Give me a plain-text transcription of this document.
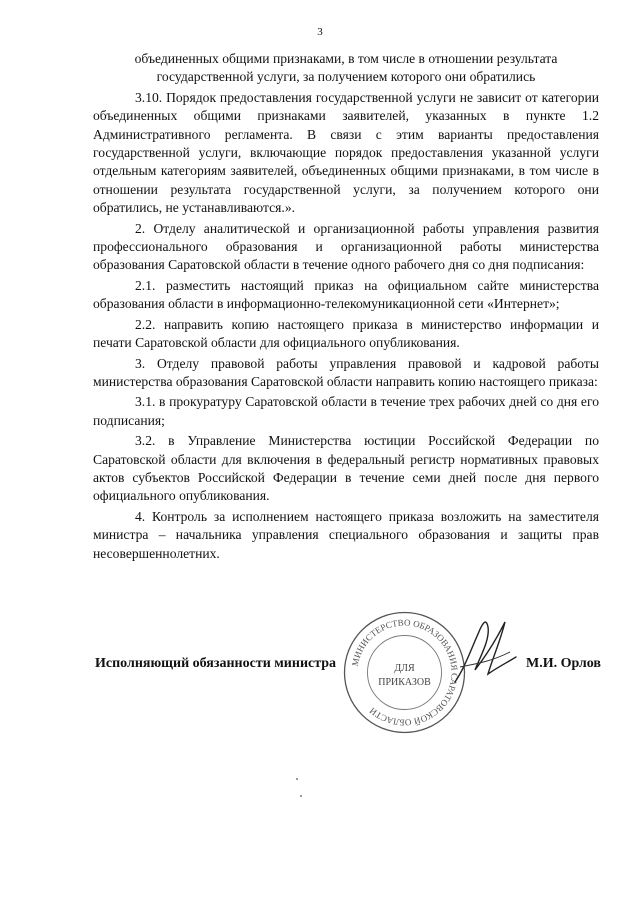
3

объединенных общими признаками, в том числе в отношении результата государственной услуги, за получением которого они обратились

3.10. Порядок предоставления государственной услуги не зависит от категории объединенных общими признаками заявителей, указанных в пункте 1.2 Административного регламента. В связи с этим варианты предоставления государственной услуги, включающие порядок предоставления указанной услуги отдельным категориям заявителей, объединенных общими признаками, в том числе в отношении результата государственной услуги, за получением которого они обратились, не устанавливаются.».

2. Отделу аналитической и организационной работы управления развития профессионального образования и организационной работы министерства образования Саратовской области в течение одного рабочего дня со дня подписания:

2.1. разместить настоящий приказ на официальном сайте министерства образования области в информационно-телекомуникационной сети «Интернет»;

2.2. направить копию настоящего приказа в министерство информации и печати Саратовской области для официального опубликования.

3. Отделу правовой работы управления правовой и кадровой работы министерства образования Саратовской области направить копию настоящего приказа:

3.1. в прокуратуру Саратовской области в течение трех рабочих дней со дня его подписания;

3.2. в Управление Министерства юстиции Российской Федерации по Саратовской области для включения в федеральный регистр нормативных правовых актов субъектов Российской Федерации в течение семи дней после дня первого официального опубликования.

4. Контроль за исполнением настоящего приказа возложить на заместителя министра – начальника управления специального образования и защиты прав несовершеннолетних.

Исполняющий обязанности министра	М.И. Орлов
МИНИСТЕРСТВО ОБРАЗОВАНИЯ САРАТОВСКОЙ ОБЛАСТИ
ДЛЯ
ПРИКАЗОВ
